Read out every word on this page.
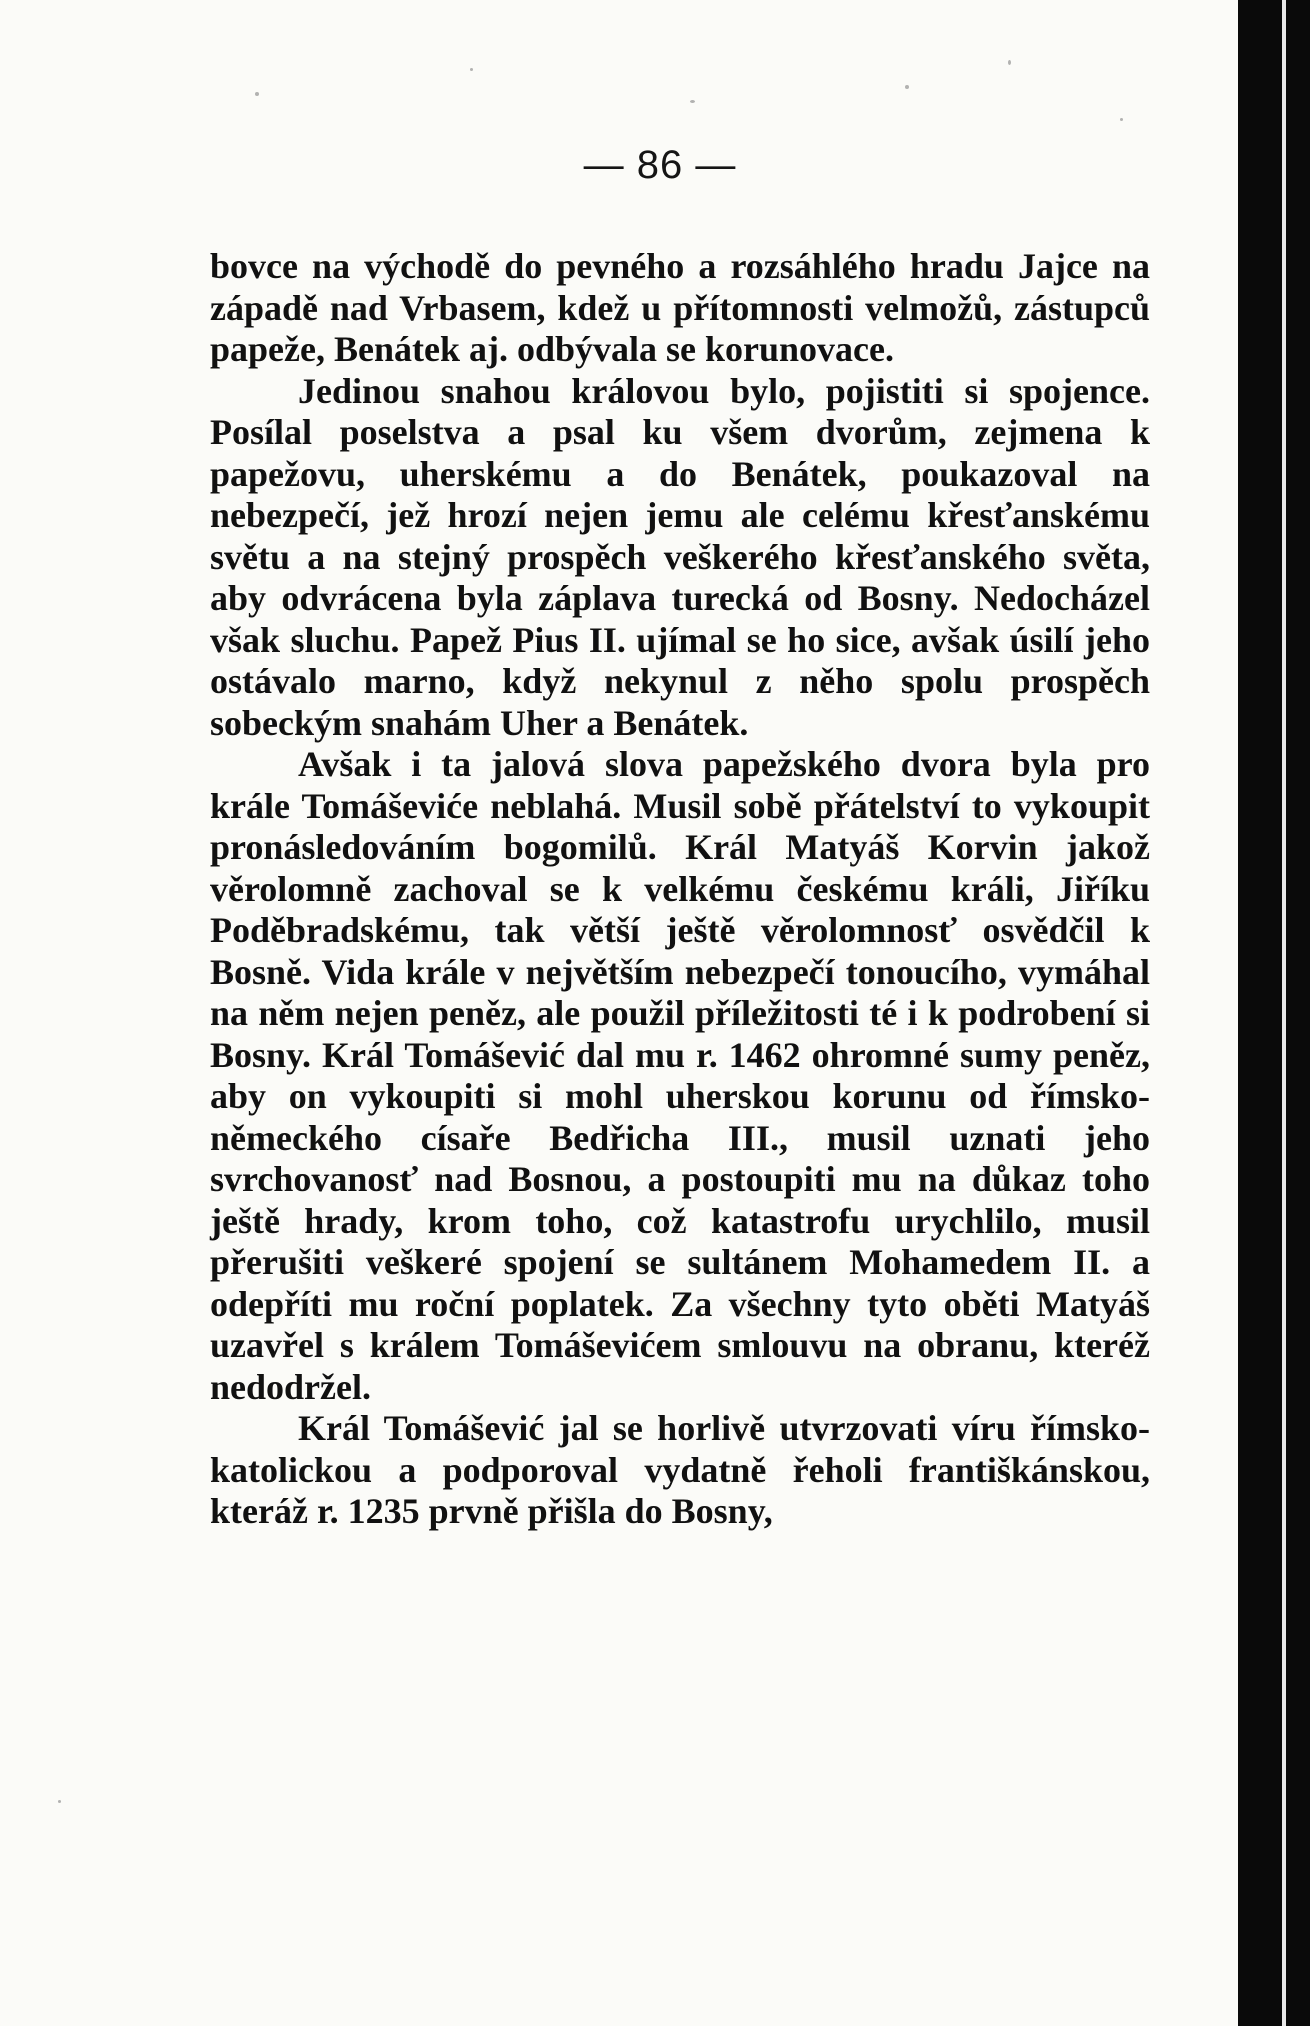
— 86 —

bovce na východě do pevného a rozsáhlého hradu Jajce na západě nad Vrbasem, kdež u přítomnosti velmožů, zástupců papeže, Benátek aj. odbývala se korunovace.

Jedinou snahou královou bylo, pojistiti si spojence. Posílal poselstva a psal ku všem dvorům, zejmena k papežovu, uherskému a do Benátek, poukazoval na nebezpečí, jež hrozí nejen jemu ale celému křesťanskému světu a na stejný prospěch veškerého křesťanského světa, aby odvrácena byla záplava turecká od Bosny. Nedocházel však sluchu. Papež Pius II. ujímal se ho sice, avšak úsilí jeho ostávalo marno, když nekynul z něho spolu prospěch sobeckým snahám Uher a Benátek.

Avšak i ta jalová slova papežského dvora byla pro krále Tomáševiće neblahá. Musil sobě přátelství to vykoupit pronásledováním bogomilů. Král Matyáš Korvin jakož věrolomně zachoval se k velkému českému králi, Jiříku Poděbradskému, tak větší ještě věrolomnosť osvědčil k Bosně. Vida krále v největším nebezpečí tonoucího, vymáhal na něm nejen peněz, ale použil příležitosti té i k podrobení si Bosny. Král Tomášević dal mu r. 1462 ohromné sumy peněz, aby on vykoupiti si mohl uherskou korunu od římsko-německého císaře Bedřicha III., musil uznati jeho svrchovanosť nad Bosnou, a postoupiti mu na důkaz toho ještě hrady, krom toho, což katastrofu urychlilo, musil přerušiti veškeré spojení se sultánem Mohamedem II. a odepříti mu roční poplatek. Za všechny tyto oběti Matyáš uzavřel s králem Tomáševićem smlouvu na obranu, kteréž nedodržel.

Král Tomášević jal se horlivě utvrzovati víru římsko-katolickou a podporoval vydatně řeholi františkánskou, kteráž r. 1235 prvně přišla do Bosny,
